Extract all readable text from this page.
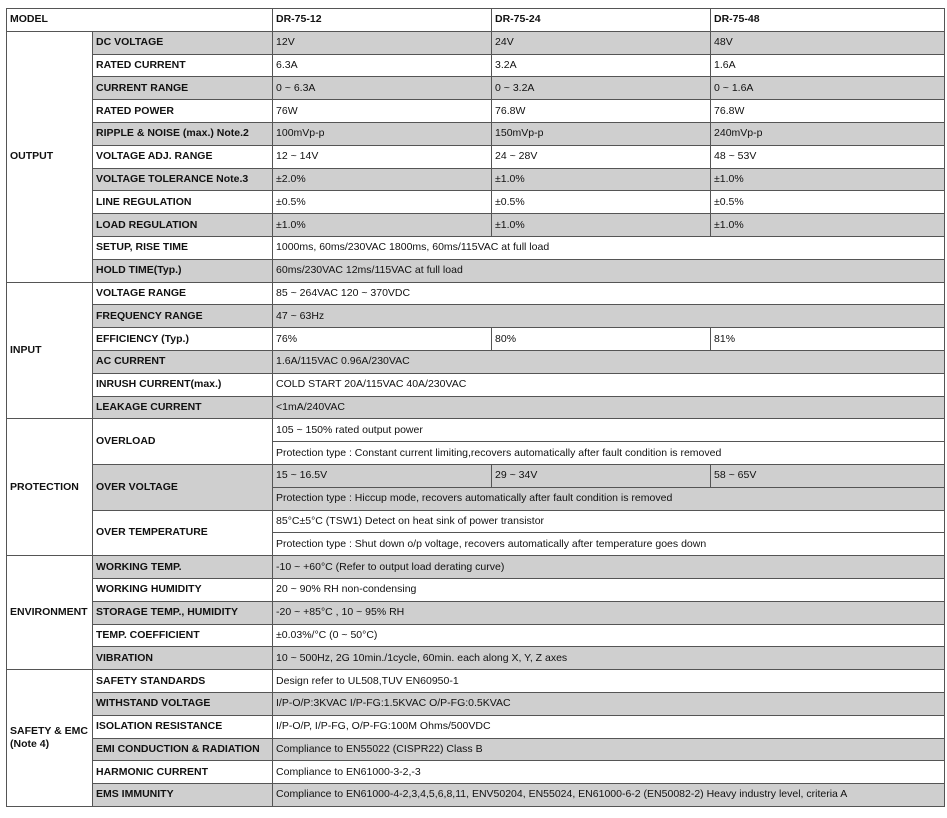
MODEL		DR-75-12	DR-75-24	DR-75-48
OUTPUT	DC VOLTAGE	12V	24V	48V
	RATED CURRENT	6.3A	3.2A	1.6A
	CURRENT RANGE	0 ~ 6.3A	0 ~ 3.2A	0 ~ 1.6A
	RATED POWER	76W	76.8W	76.8W
	RIPPLE & NOISE (max.) Note.2	100mVp-p	150mVp-p	240mVp-p
	VOLTAGE ADJ. RANGE	12 ~ 14V	24 ~ 28V	48 ~ 53V
	VOLTAGE TOLERANCE Note.3	±2.0%	±1.0%	±1.0%
	LINE REGULATION	±0.5%	±0.5%	±0.5%
	LOAD REGULATION	±1.0%	±1.0%	±1.0%
	SETUP, RISE TIME	1000ms, 60ms/230VAC 1800ms, 60ms/115VAC at full load		
	HOLD TIME(Typ.)	60ms/230VAC 12ms/115VAC at full load		
INPUT	VOLTAGE RANGE	85 ~ 264VAC 120 ~ 370VDC		
	FREQUENCY RANGE	47 ~ 63Hz		
	EFFICIENCY (Typ.)	76%	80%	81%
	AC CURRENT	1.6A/115VAC 0.96A/230VAC		
	INRUSH CURRENT(max.)	COLD START 20A/115VAC 40A/230VAC		
	LEAKAGE CURRENT	<1mA/240VAC		
PROTECTION	OVERLOAD	105 ~ 150% rated output power		
		Protection type : Constant current limiting,recovers automatically after fault condition is removed		
	OVER VOLTAGE	15 ~ 16.5V	29 ~ 34V	58 ~ 65V
		Protection type : Hiccup mode, recovers automatically after fault condition is removed		
	OVER TEMPERATURE	85°C±5°C (TSW1) Detect on heat sink of power transistor		
		Protection type : Shut down o/p voltage, recovers automatically after temperature goes down		
ENVIRONMENT	WORKING TEMP.	-10 ~ +60°C (Refer to output load derating curve)		
	WORKING HUMIDITY	20 ~ 90% RH non-condensing		
	STORAGE TEMP., HUMIDITY	-20 ~ +85°C , 10 ~ 95% RH		
	TEMP. COEFFICIENT	±0.03%/°C (0 ~ 50°C)		
	VIBRATION	10 ~ 500Hz, 2G 10min./1cycle, 60min. each along X, Y, Z axes		
SAFETY & EMC
(Note 4)	SAFETY STANDARDS	Design refer to UL508,TUV EN60950-1		
	WITHSTAND VOLTAGE	I/P-O/P:3KVAC I/P-FG:1.5KVAC O/P-FG:0.5KVAC		
	ISOLATION RESISTANCE	I/P-O/P, I/P-FG, O/P-FG:100M Ohms/500VDC		
	EMI CONDUCTION & RADIATION	Compliance to EN55022 (CISPR22) Class B		
	HARMONIC CURRENT	Compliance to EN61000-3-2,-3		
	EMS IMMUNITY	Compliance to EN61000-4-2,3,4,5,6,8,11, ENV50204, EN55024, EN61000-6-2 (EN50082-2) Heavy industry level, criteria A		
